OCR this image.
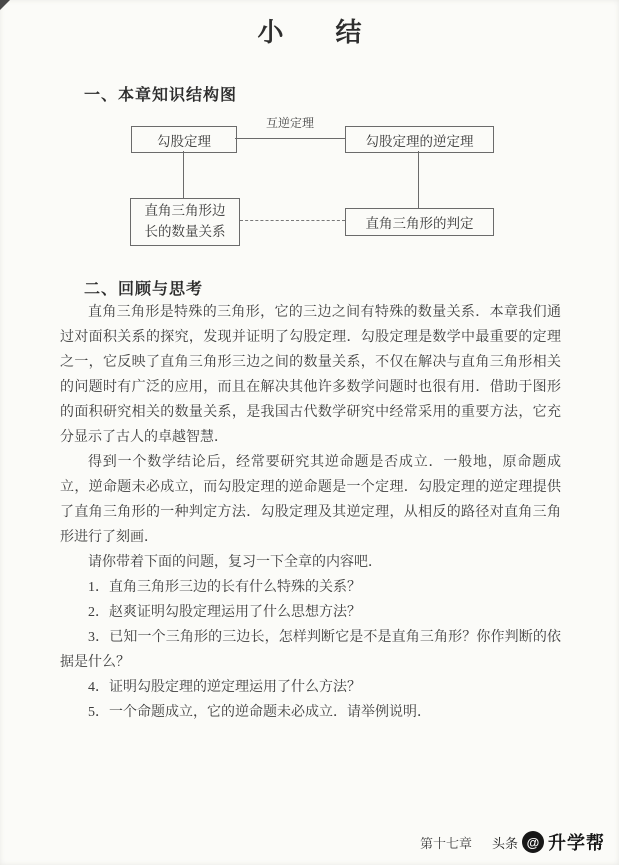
小　　结
一、本章知识结构图
勾股定理
互逆定理
勾股定理的逆定理
直角三角形边长的数量关系
直角三角形的判定
二、回顾与思考

直角三角形是特殊的三角形，它的三边之间有特殊的数量关系．本章我们通过对面积关系的探究，发现并证明了勾股定理．勾股定理是数学中最重要的定理之一，它反映了直角三角形三边之间的数量关系，不仅在解决与直角三角形相关的问题时有广泛的应用，而且在解决其他许多数学问题时也很有用．借助于图形的面积研究相关的数量关系，是我国古代数学研究中经常采用的重要方法，它充分显示了古人的卓越智慧．

得到一个数学结论后，经常要研究其逆命题是否成立．一般地，原命题成立，逆命题未必成立，而勾股定理的逆命题是一个定理．勾股定理的逆定理提供了直角三角形的一种判定方法．勾股定理及其逆定理，从相反的路径对直角三角形进行了刻画．

请你带着下面的问题，复习一下全章的内容吧．

1．直角三角形三边的长有什么特殊的关系？

2．赵爽证明勾股定理运用了什么思想方法？

3．已知一个三角形的三边长，怎样判断它是不是直角三角形？你作判断的依据是什么？

4．证明勾股定理的逆定理运用了什么方法？

5．一个命题成立，它的逆命题未必成立．请举例说明．

第十七章 头条 @ 升学帮
